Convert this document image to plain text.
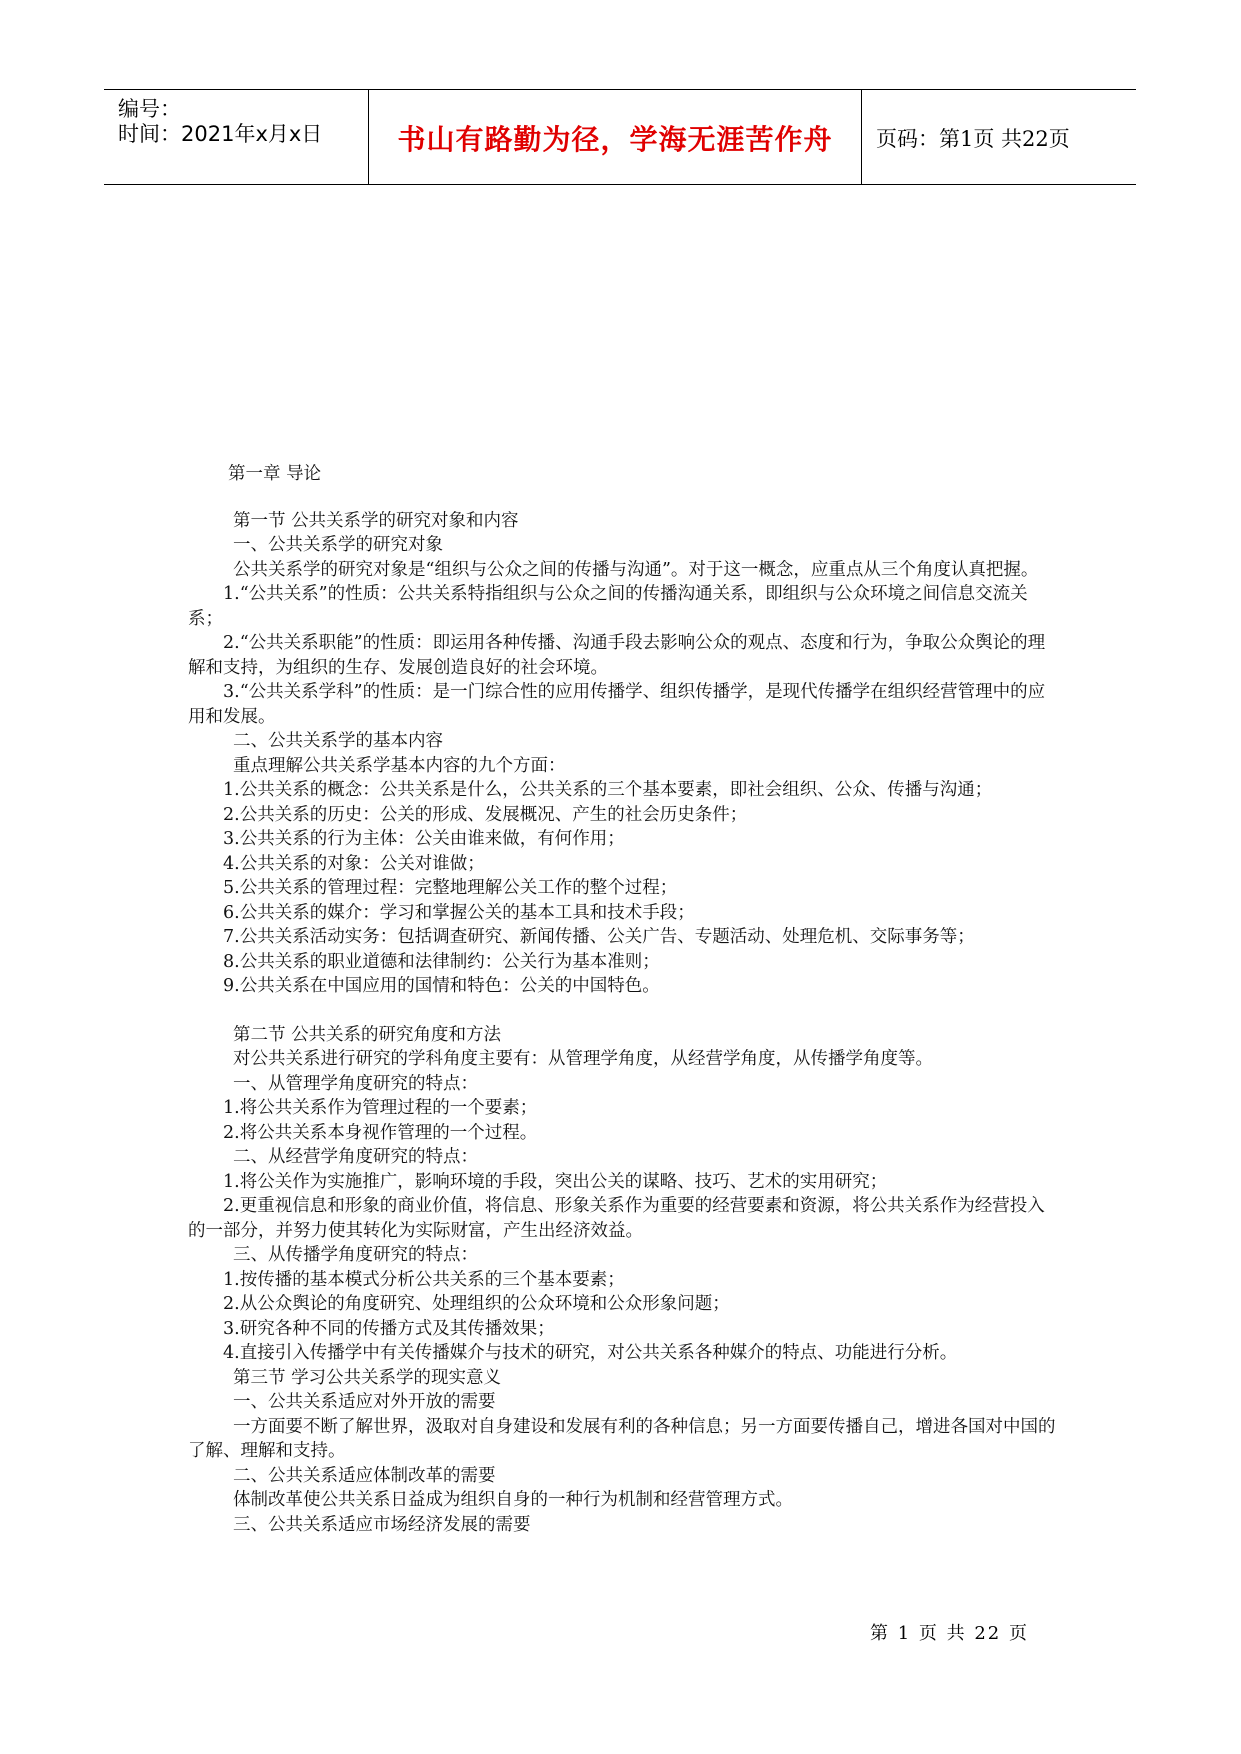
编号：
时间：2021年x月x日	书山有路勤为径，学海无涯苦作舟	页码：第1页 共22页

第一章 导论

第一节 公共关系学的研究对象和内容

一、公共关系学的研究对象

公共关系学的研究对象是“组织与公众之间的传播与沟通”。对于这一概念，应重点从三个角度认真把握。

1.“公共关系”的性质：公共关系特指组织与公众之间的传播沟通关系，即组织与公众环境之间信息交流关系；

2.“公共关系职能”的性质：即运用各种传播、沟通手段去影响公众的观点、态度和行为，争取公众舆论的理解和支持，为组织的生存、发展创造良好的社会环境。

3.“公共关系学科”的性质：是一门综合性的应用传播学、组织传播学，是现代传播学在组织经营管理中的应用和发展。

二、公共关系学的基本内容

重点理解公共关系学基本内容的九个方面：

1.公共关系的概念：公共关系是什么，公共关系的三个基本要素，即社会组织、公众、传播与沟通；

2.公共关系的历史：公关的形成、发展概况、产生的社会历史条件；

3.公共关系的行为主体：公关由谁来做，有何作用；

4.公共关系的对象：公关对谁做；

5.公共关系的管理过程：完整地理解公关工作的整个过程；

6.公共关系的媒介：学习和掌握公关的基本工具和技术手段；

7.公共关系活动实务：包括调查研究、新闻传播、公关广告、专题活动、处理危机、交际事务等；

8.公共关系的职业道德和法律制约：公关行为基本准则；

9.公共关系在中国应用的国情和特色：公关的中国特色。

第二节 公共关系的研究角度和方法

对公共关系进行研究的学科角度主要有：从管理学角度，从经营学角度，从传播学角度等。

一、从管理学角度研究的特点：

1.将公共关系作为管理过程的一个要素；

2.将公共关系本身视作管理的一个过程。

二、从经营学角度研究的特点：

1.将公关作为实施推广，影响环境的手段，突出公关的谋略、技巧、艺术的实用研究；

2.更重视信息和形象的商业价值，将信息、形象关系作为重要的经营要素和资源，将公共关系作为经营投入的一部分，并努力使其转化为实际财富，产生出经济效益。

三、从传播学角度研究的特点：

1.按传播的基本模式分析公共关系的三个基本要素；

2.从公众舆论的角度研究、处理组织的公众环境和公众形象问题；

3.研究各种不同的传播方式及其传播效果；

4.直接引入传播学中有关传播媒介与技术的研究，对公共关系各种媒介的特点、功能进行分析。

第三节 学习公共关系学的现实意义

一、公共关系适应对外开放的需要

一方面要不断了解世界，汲取对自身建设和发展有利的各种信息；另一方面要传播自己，增进各国对中国的了解、理解和支持。

二、公共关系适应体制改革的需要

体制改革使公共关系日益成为组织自身的一种行为机制和经营管理方式。

三、公共关系适应市场经济发展的需要

第 1 页 共 22 页
